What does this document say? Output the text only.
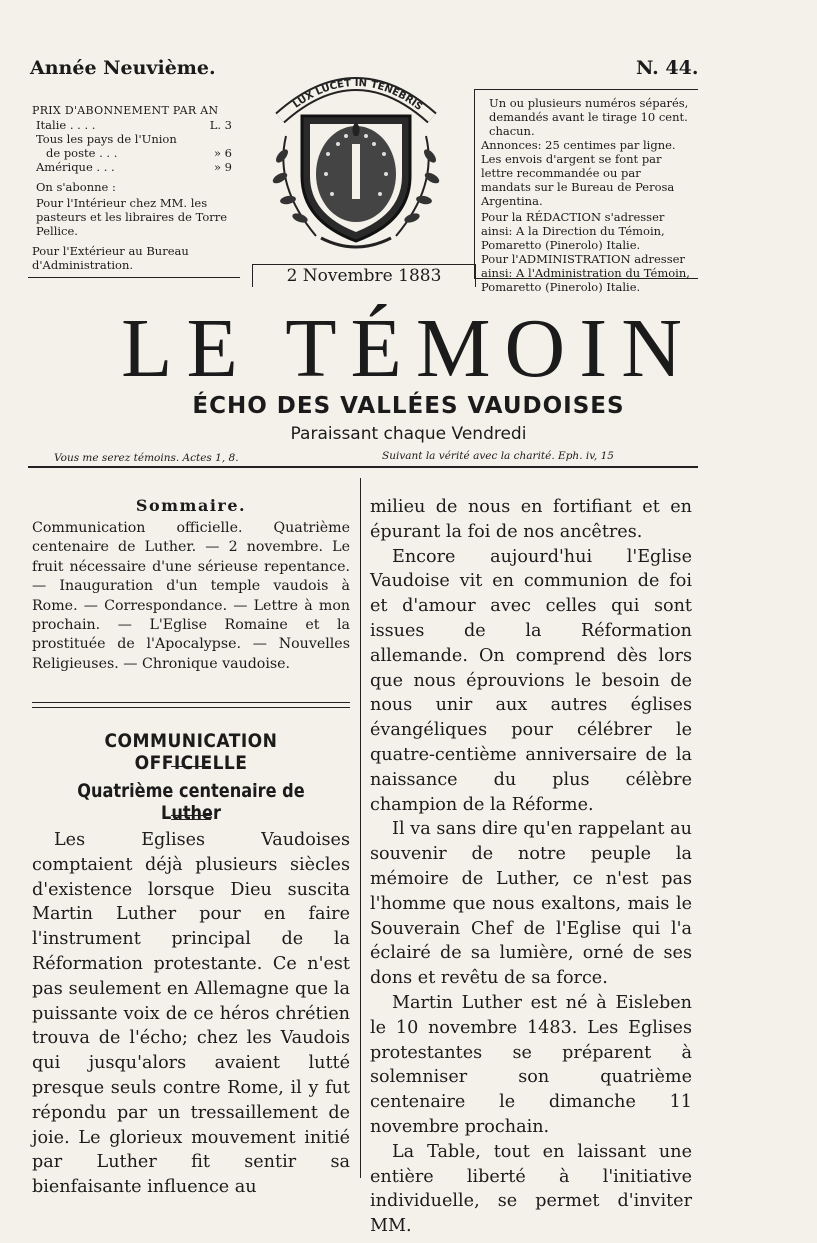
Année Neuvième.	N. 44.

PRIX D'ABONNEMENT PAR AN

Italie . . . .	L. 3
Tous les pays de l'Union
de poste . . .	» 6
Amérique . . .	» 9

On s'abonne :

Pour l'Intérieur chez MM. les pasteurs et les libraires de Torre Pellice.

Pour l'Extérieur au Bureau d'Administration.

LUX LUCET IN TENEBRIS
2 Novembre 1883

Un ou plusieurs numéros séparés, demandés avant le tirage 10 cent. chacun.

Annonces: 25 centimes par ligne.

Les envois d'argent se font par lettre recommandée ou par mandats sur le Bureau de Perosa Argentina.

Pour la RÉDACTION s'adresser ainsi: A la Direction du Témoin, Pomaretto (Pinerolo) Italie.

Pour l'ADMINISTRATION adresser ainsi: A l'Administration du Témoin, Pomaretto (Pinerolo) Italie.

LE TÉMOIN
ÉCHO DES VALLÉES VAUDOISES
Paraissant chaque Vendredi
Vous me serez témoins. Actes 1, 8.	Suivant la vérité avec la charité. Eph. iv, 15
Sommaire.

Communication officielle. Quatrième centenaire de Luther. — 2 novembre. Le fruit nécessaire d'une sérieuse repentance. — Inauguration d'un temple vaudois à Rome. — Correspondance. — Lettre à mon prochain. — L'Eglise Romaine et la prostituée de l'Apocalypse. — Nouvelles Religieuses. — Chronique vaudoise.

COMMUNICATION OFFICIELLE
Quatrième centenaire de Luther

Les Eglises Vaudoises comptaient déjà plusieurs siècles d'existence lorsque Dieu suscita Martin Luther pour en faire l'instrument principal de la Réformation protestante. Ce n'est pas seulement en Allemagne que la puissante voix de ce héros chrétien trouva de l'écho; chez les Vaudois qui jusqu'alors avaient lutté presque seuls contre Rome, il y fut répondu par un tressaillement de joie. Le glorieux mouvement initié par Luther fit sentir sa bienfaisante influence au

milieu de nous en fortifiant et en épurant la foi de nos ancêtres.

Encore aujourd'hui l'Eglise Vaudoise vit en communion de foi et d'amour avec celles qui sont issues de la Réformation allemande. On comprend dès lors que nous éprouvions le besoin de nous unir aux autres églises évangéliques pour célébrer le quatre-centième anniversaire de la naissance du plus célèbre champion de la Réforme.

Il va sans dire qu'en rappelant au souvenir de notre peuple la mémoire de Luther, ce n'est pas l'homme que nous exaltons, mais le Souverain Chef de l'Eglise qui l'a éclairé de sa lumière, orné de ses dons et revêtu de sa force.

Martin Luther est né à Eisleben le 10 novembre 1483. Les Eglises protestantes se préparent à solemniser son quatrième centenaire le dimanche 11 novembre prochain.

La Table, tout en laissant une entière liberté à l'initiative individuelle, se permet d'inviter MM.
